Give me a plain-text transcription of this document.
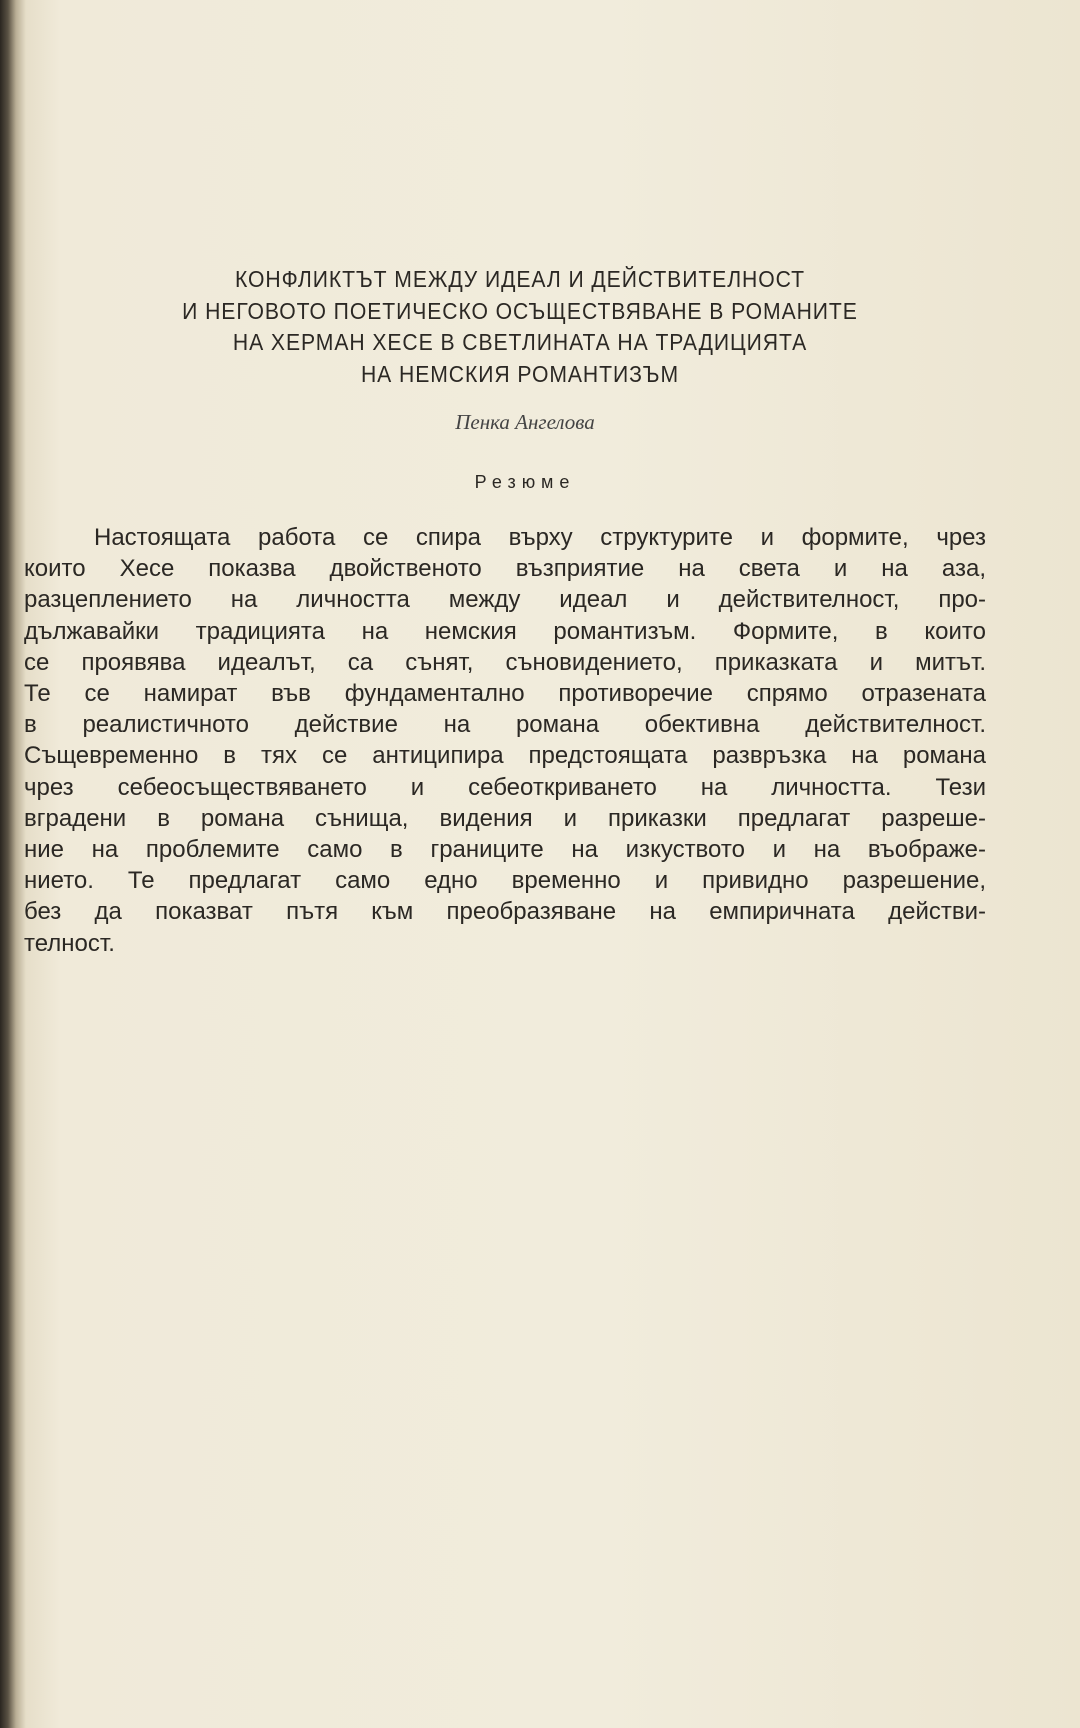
КОНФЛИКТЪТ МЕЖДУ ИДЕАЛ И ДЕЙСТВИТЕЛНОСТ
И НЕГОВОТО ПОЕТИЧЕСКО ОСЪЩЕСТВЯВАНЕ В РОМАНИТЕ
НА ХЕРМАН ХЕСЕ В СВЕТЛИНАТА НА ТРАДИЦИЯТА
НА НЕМСКИЯ РОМАНТИЗЪМ
Пенка Ангелова
Резюме
Настоящата работа се спира върху структурите и формите, чрез
които Хесе показва двойственото възприятие на света и на аза,
разцеплението на личността между идеал и действителност, про-
дължавайки традицията на немския романтизъм. Формите, в които
се проявява идеалът, са сънят, съновидението, приказката и митът.
Те се намират във фундаментално противоречие спрямо отразената
в реалистичното действие на романа обективна действителност.
Същевременно в тях се антиципира предстоящата развръзка на романа
чрез себеосъществяването и себеоткриването на личността. Тези
вградени в романа сънища, видения и приказки предлагат разреше-
ние на проблемите само в границите на изкуството и на въображе-
нието. Те предлагат само едно временно и привидно разрешение,
без да показват пътя към преобразяване на емпиричната действи-
телност.
